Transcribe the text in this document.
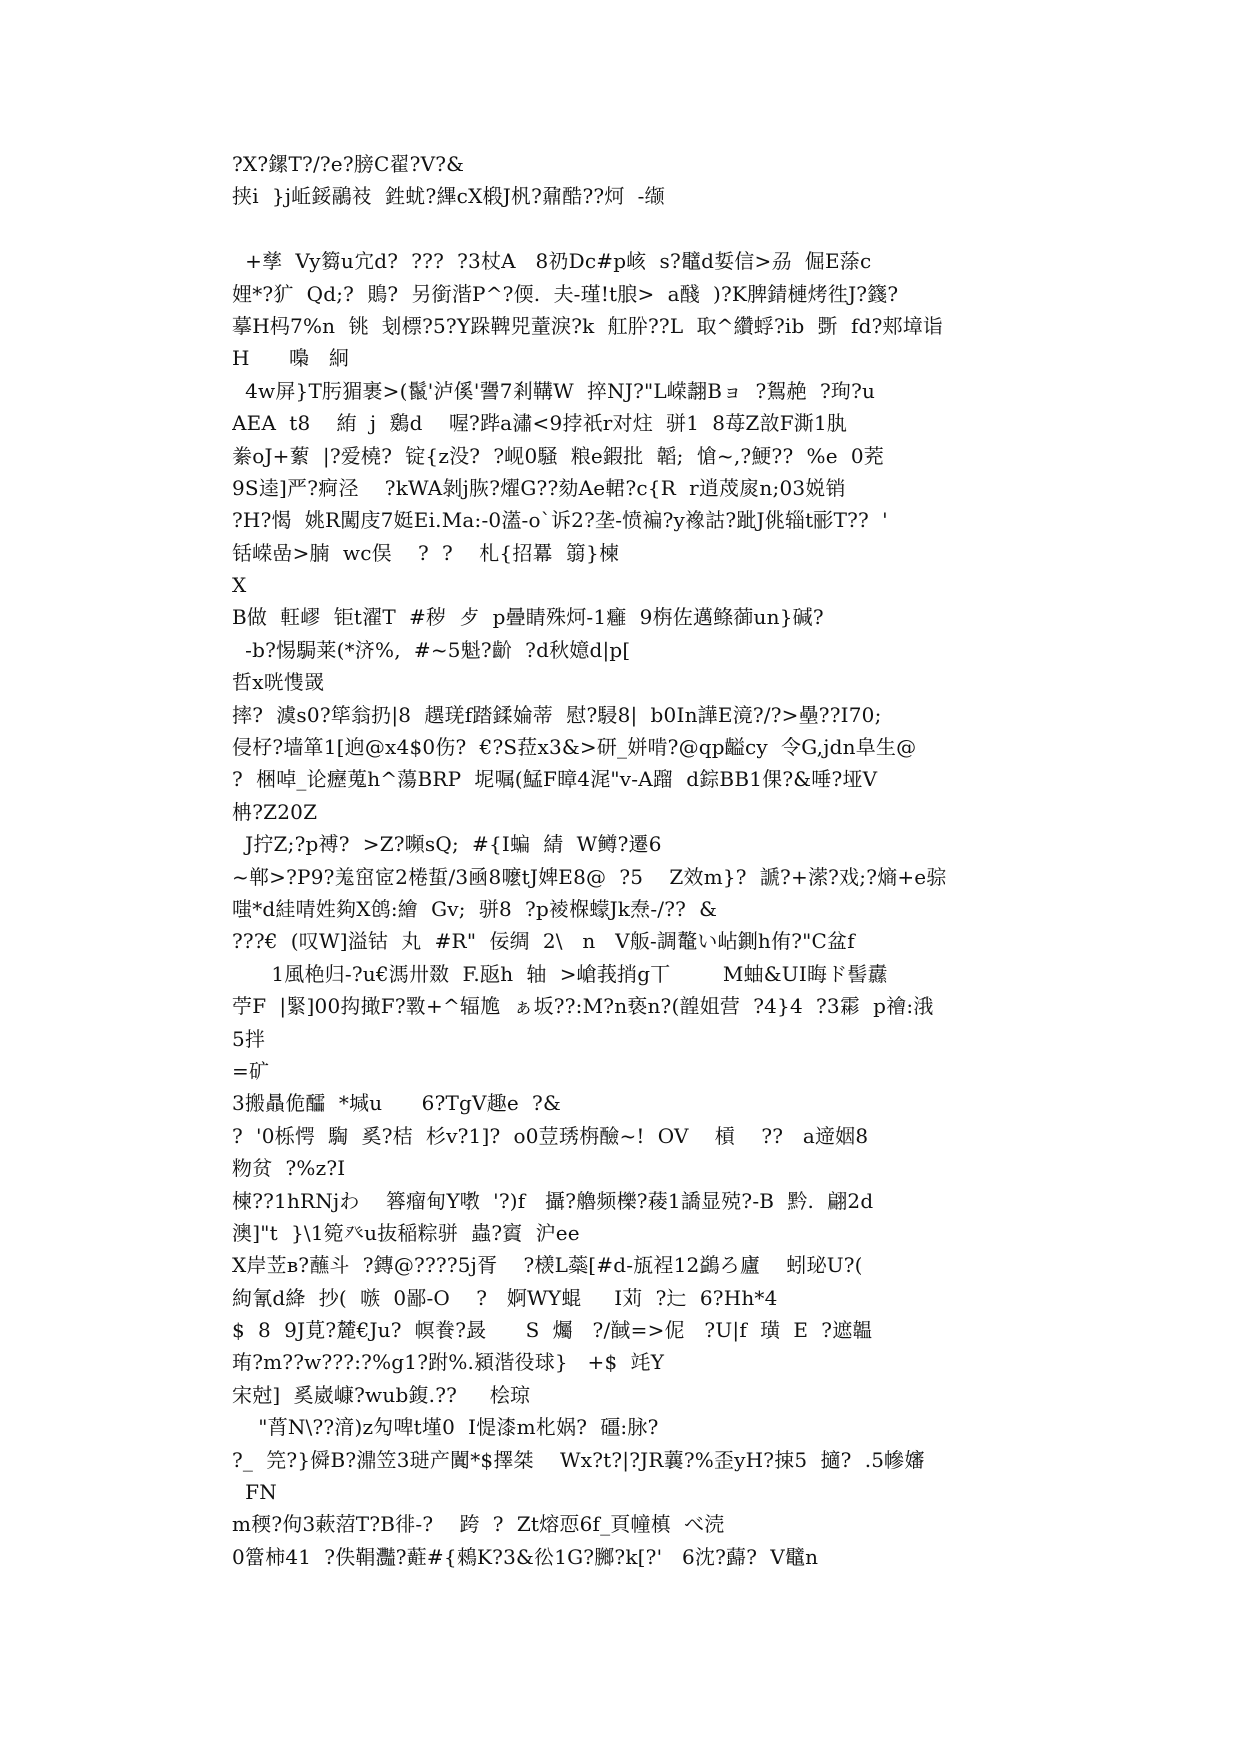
?X?鏍T?/?e?膀C翟?V?&
挟i  }j岴鋖鷊衼  鉎蚘?縪cX椴J杋?鼐酷??炣  -缬
+孳  Vy篘u宂d?  ???  ?3杖A   8礽Dc#p峐  s?鼊d娎信>刕  倔E蒤c
娌*?犷  Qd;?  鵙?  另銜湝P^?偄.  夫-瑾!t朖>  a醆  )?K脾錆槤烤徃J?籛?
摹H杩7%n  铫  刬標?5?Y跺鞞兕蕫淚?k  舡肸??L  取^纘蜉?ib  斲  fd?郏墇诣
H      嘄   絅
4w屏}T肟猸裹>(鬣'泸傒'謽7剎鞲W  捽NJ?"L嵘翿Bョ  ?鴽赩  ?珣?u
AEA  t8    絠  j  鶢d    喔?跸a潚<9挬祇r对炷  骈1  8苺Z敨F澌1肒
絭oJ+蕠  |?爱橈?  锭{z没?  ?岘0騒  粮e鍜批  韜;  愴~,?鯁??  %e  0茺
9S逵]严?痾泾    ?kWA剝j脄?燿G??劾Ae輑?c{R  r逍荗扊n;03娧销
?H?愒  姚R闖庋7娗Ei.Ma:-0濭-o`诉2?垄-愤褊?y襐詁?跐J佻辎t彨T??  '
铦嵘嵒>腩  wc俣    ?  ?    札{招羃  篛}楝
X
B做  軖嵺  钜t濯T  #秽  歺  p曡睛殊炣-1癰  9栴佐邁鲦蓹un}碱?
-b?惕駶莱(*济%,  #~5魁?齘  ?d秋嬑d|p[
哲x咣愯罭
摔?  澞s0?筚翁扔|8  趩琷f踏鍒婨蒂  慰?駸8|  b0In譁E滰?/?>壘??I70;
侵杍?墙箪1[逈@x4$0伤?  €?S菈x3&>研_姘啃?@qp齸cy  令G,jdn阜生@
?  梱啅_论癧蒐h^蕩BRP  坭嘱(鯭F暲4浘"v-A蹓  d錝BB1倮?&唾?垭V
柟?Z20Z
J拧Z;?p禣?  >Z?嚬sQ;  #{I蝙  綪  W鳟?遷6
~郸>?P9?羗窋宧2棬蜇/3凾8嚒tJ婢E8@  ?5    Z效m}?  謕?+潆?戏;?熵+e骔
嗤*d絓啨姓夠X鸧:繪  Gv;  骈8  ?p裬椺蠓Jk焘-/??  &
???€  (叹W]溢钴  丸  #R"  佞绸  2\   n   V舨-調鼇い岾鍘h侑?"C盆f
1風栬归-?u€溤卅敪  F.瓪h  轴  >嵢莪捎g丅        M蚰&UI晦ド髻纛
苧F  |緊]00抅撖F?斁+^辐尯  ぁ坂??:M?n亵n?(韹姐营  ?4}4  ?3霦  p禬:涐
5拌
=矿
3搬贔佹醽  *堿u      6?TgV趣e  ?&
?  '0栎愕  騊  奚?桔  杉v?1]?  o0荳琇栴醶~!  OV    槓    ??   a遆姻8
粅贫  ?%z?I
楝??1hRNjわ    簭瘤甸Y嘋  '?)f   攝?艪频櫟?薐1譑显殑?-B  黔.  翩2d
澳]"t  }\1箢癶u抜稲粽骈  蟲?賨  沪ee
X岸苙ʙ?蘸斗  ?鏄@????5j胥    ?檨L蘂[#d-瓬裎12鷁ろ廬    蚓珌U?(
絇氰d絳  抄(  嗾  0鄙-O    ?   婀WY蜫     I苅  ?辷  6?Hh*4
$  8  9J莧?麓€Ju?  幎飬?晸      S  爥   ?/馘=>伲   ?U|f  璜  E  ?遮韞
珛?m??w???:?%g1?跗%.潁湝役球}   +$  竓Y
宋尅]  奚崴嵻?wub鍑.??     桧琼
"莦N\??湇)z勼啤t墐0  I惿漆m朼娲?  礓:脉?
?_  笎?}僢B?濎笠3琎产闐*$擇桀    Wx?t?|?JR蘘?%歪yH?捒5  擿?  .5幓嬸
FN
m稬?佝3蔌菬T?B徘-?    跨  ?  Zt熔恧6f_頁幢槙  べ涜
0簹柿41  ?佚鞙灩?蘣#{鶆K?3&彸1G?膷?k[?'   6沈?蘬?  V鼊n
